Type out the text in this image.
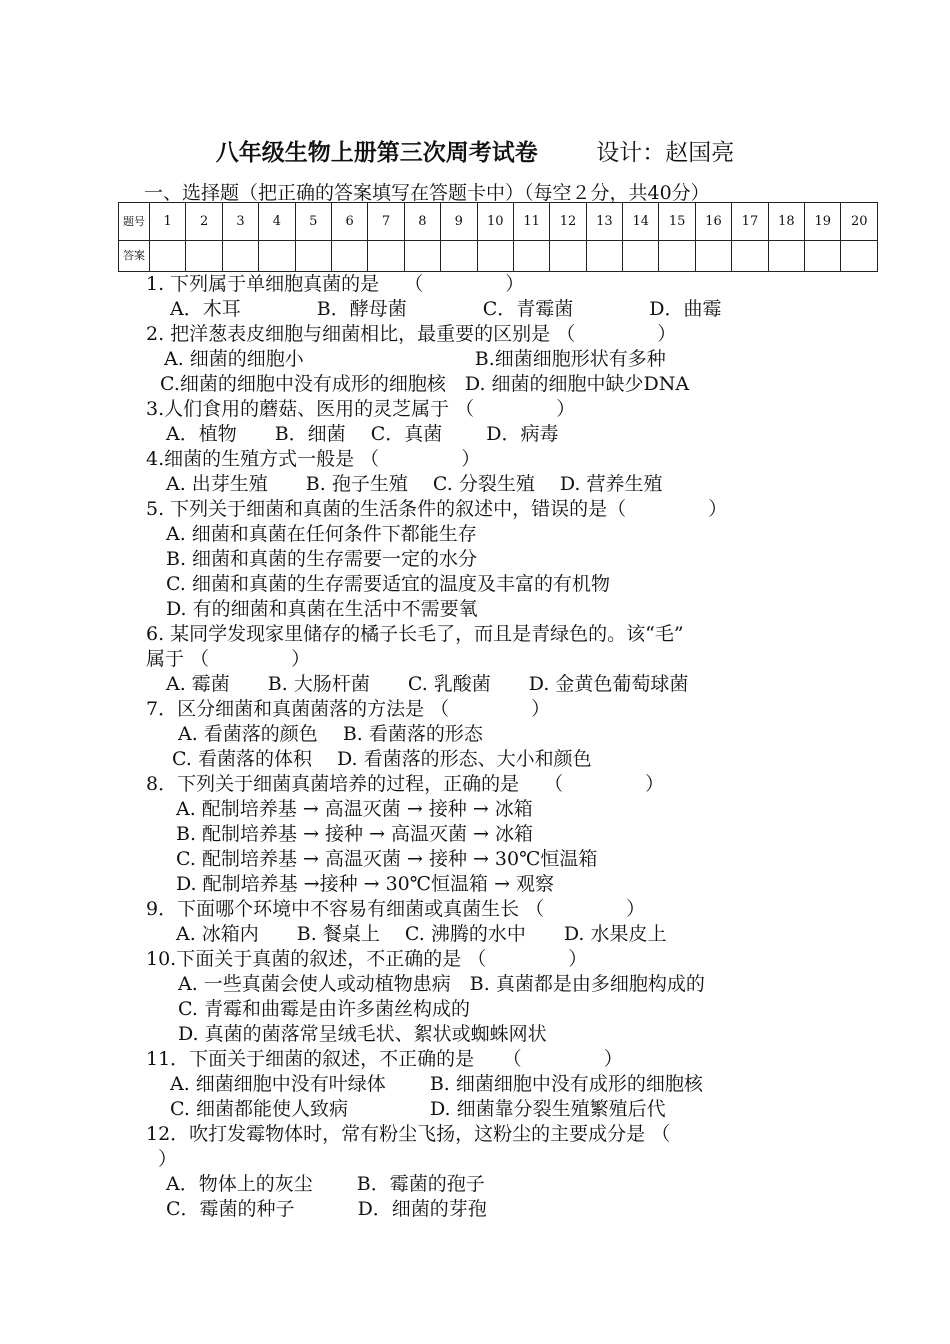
八年级生物上册第三次周考试卷	设计：赵国亮
一、选择题（把正确的答案填写在答题卡中）（每空２分，共40分）
题号	1	2	3	4	5	6	7	8	9	10	11	12	13	14	15	16	17	18	19	20
答案																				
1. 下列属于单细胞真菌的是　 （　　　　 ）
A．木耳　　　　B．酵母菌　　　　C．青霉菌　　　　D．曲霉
2. 把洋葱表皮细胞与细菌相比，最重要的区别是 （　　　　 ）
A. 细菌的细胞小　　　　　　　　　B.细菌细胞形状有多种
C.细菌的细胞中没有成形的细胞核　D. 细菌的细胞中缺少DNA
3.人们食用的蘑菇、医用的灵芝属于 （　　　　 ）
A．植物　　B．细菌　 C．真菌　　 D．病毒
4.细菌的生殖方式一般是 （　　　　 ）
A. 出芽生殖　　B. 孢子生殖　 C. 分裂生殖　 D. 营养生殖
5. 下列关于细菌和真菌的生活条件的叙述中，错误的是（　　　　 ）
A. 细菌和真菌在任何条件下都能生存
B. 细菌和真菌的生存需要一定的水分
C. 细菌和真菌的生存需要适宜的温度及丰富的有机物
D. 有的细菌和真菌在生活中不需要氧
6. 某同学发现家里储存的橘子长毛了，而且是青绿色的。该“毛”
属于 （　　　　 ）
A. 霉菌　　B. 大肠杆菌　　C. 乳酸菌　　D. 金黄色葡萄球菌
7．区分细菌和真菌菌落的方法是 （　　　　 ）
A. 看菌落的颜色　 B. 看菌落的形态
C. 看菌落的体积　 D. 看菌落的形态、大小和颜色
8．下列关于细菌真菌培养的过程，正确的是　 （　　　　 ）
A. 配制培养基 → 高温灭菌 → 接种 → 冰箱
B. 配制培养基 → 接种 → 高温灭菌 → 冰箱
C. 配制培养基 → 高温灭菌 → 接种 → 30℃恒温箱
D. 配制培养基 →接种 → 30℃恒温箱 → 观察
9．下面哪个环境中不容易有细菌或真菌生长 （　　　　 ）
A. 冰箱内　　B. 餐桌上　 C. 沸腾的水中　　D. 水果皮上
10.下面关于真菌的叙述，不正确的是 （　　　　 ）
A. 一些真菌会使人或动植物患病　B. 真菌都是由多细胞构成的
C. 青霉和曲霉是由许多菌丝构成的
D. 真菌的菌落常呈绒毛状、絮状或蜘蛛网状
11．下面关于细菌的叙述，不正确的是　　（　　　　 ）
A. 细菌细胞中没有叶绿体　　 B. 细菌细胞中没有成形的细胞核
C. 细菌都能使人致病　　　　 D. 细菌靠分裂生殖繁殖后代
12．吹打发霉物体时，常有粉尘飞扬，这粉尘的主要成分是 （
）
A．物体上的灰尘　　 B．霉菌的孢子
C．霉菌的种子　　　 D．细菌的芽孢
